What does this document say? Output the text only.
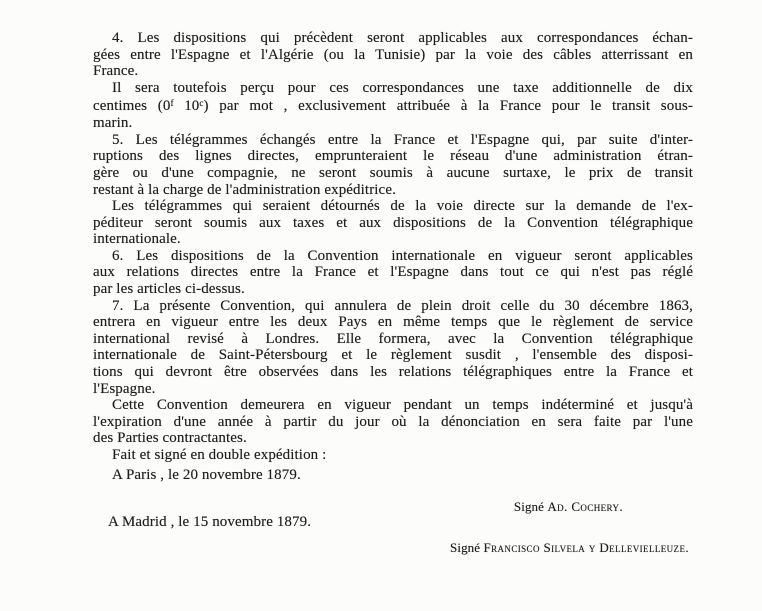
4. Les dispositions qui précèdent seront applicables aux correspondances échan-
gées entre l'Espagne et l'Algérie (ou la Tunisie) par la voie des câbles atterrissant en
France.
Il sera toutefois perçu pour ces correspondances une taxe additionnelle de dix
centimes (0$^f$ 10$^c$) par mot , exclusivement attribuée à la France pour le transit sous-
marin.
5. Les télégrammes échangés entre la France et l'Espagne qui, par suite d'inter-
ruptions des lignes directes, emprunteraient le réseau d'une administration étran-
gère ou d'une compagnie, ne seront soumis à aucune surtaxe, le prix de transit
restant à la charge de l'administration expéditrice.
Les télégrammes qui seraient détournés de la voie directe sur la demande de l'ex-
péditeur seront soumis aux taxes et aux dispositions de la Convention télégraphique
internationale.
6. Les dispositions de la Convention internationale en vigueur seront applicables
aux relations directes entre la France et l'Espagne dans tout ce qui n'est pas réglé
par les articles ci-dessus.
7. La présente Convention, qui annulera de plein droit celle du 30 décembre 1863,
entrera en vigueur entre les deux Pays en même temps que le règlement de service
international revisé à Londres. Elle formera, avec la Convention télégraphique
internationale de Saint-Pétersbourg et le règlement susdit , l'ensemble des disposi-
tions qui devront être observées dans les relations télégraphiques entre la France et
l'Espagne.
Cette Convention demeurera en vigueur pendant un temps indéterminé et jusqu'à
l'expiration d'une année à partir du jour où la dénonciation en sera faite par l'une
des Parties contractantes.
Fait et signé en double expédition :
A Paris , le 20 novembre 1879.
Signé Ad. Cochery.
A Madrid , le 15 novembre 1879.
Signé Francisco Silvela y Dellevielleuze.
